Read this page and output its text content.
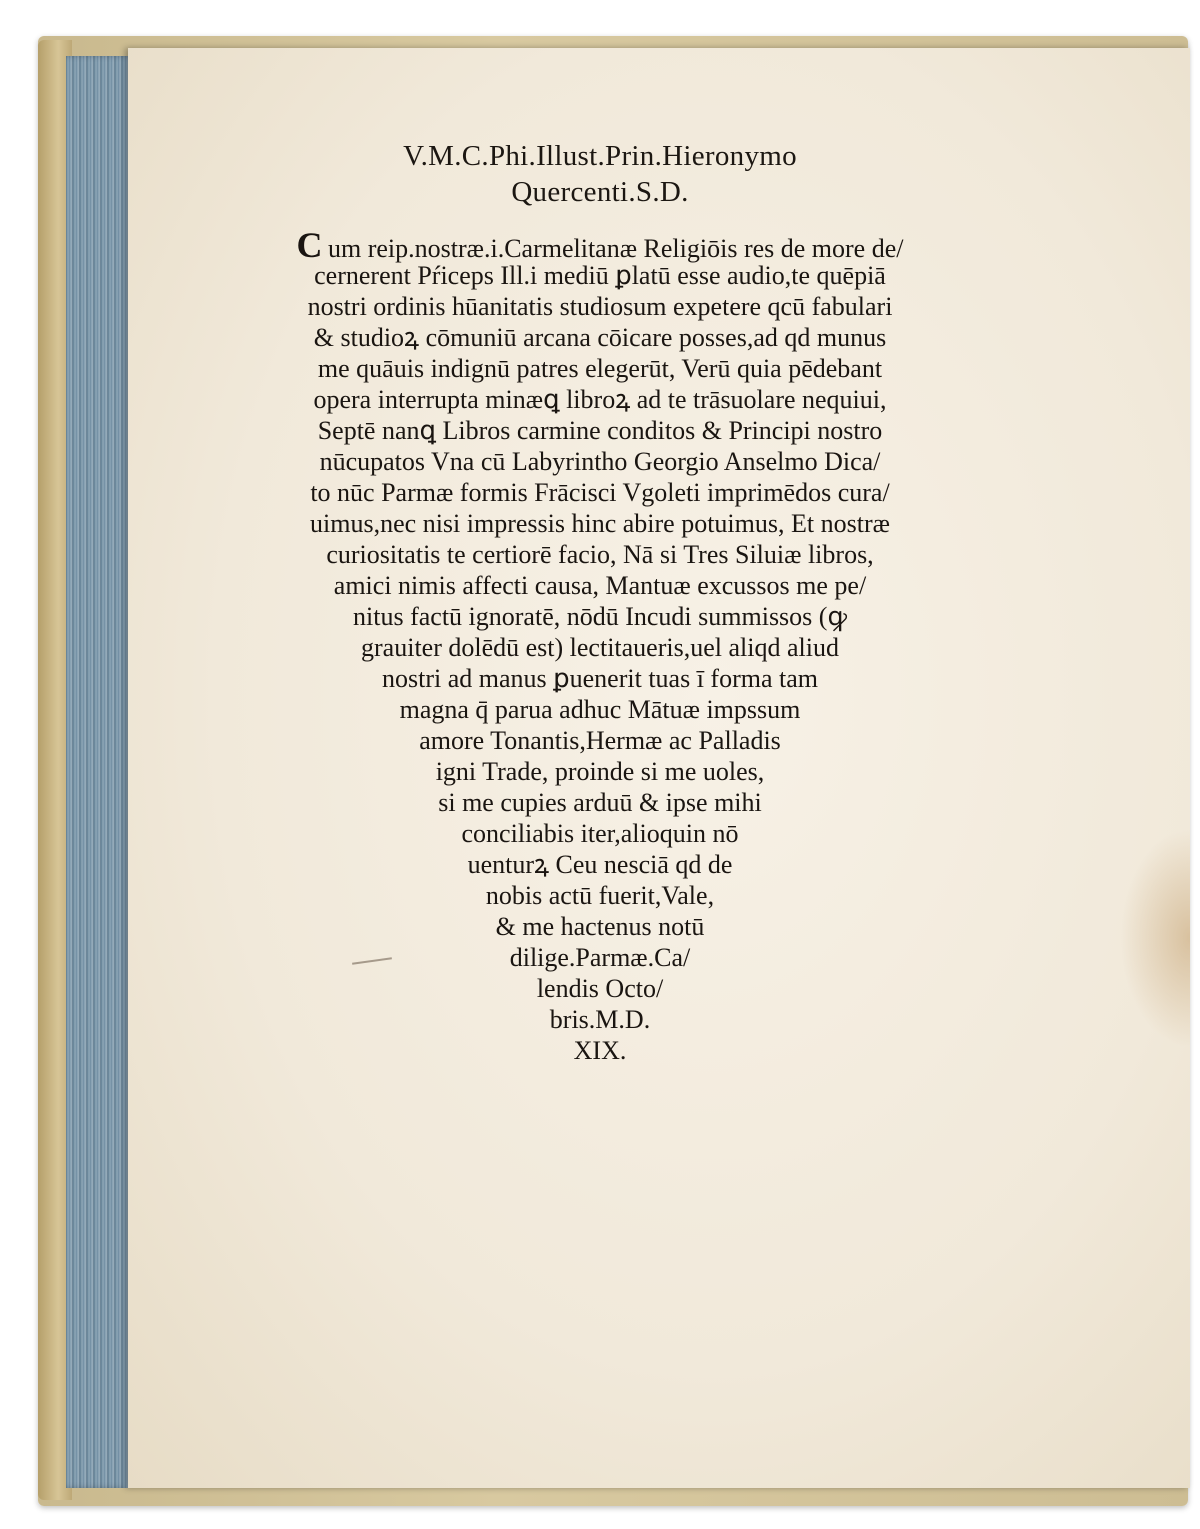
V.M.C.Phi.Illust.Prin.Hieronymo
Quercenti.S.D.
C um reip.nostræ.i.Carmelitanæ Religiōis res de more de/
cernerent Pŕiceps Ill.i mediū ꝑlatū esse audio,te quēpiā
nostri ordinis hūanitatis studiosum expetere qcū fabulari
& studioꝝ cōmuniū arcana cōicare posses,ad qd munus
me quāuis indignū patres elegerūt, Verū quia pēdebant
opera interrupta minæꝗ libroꝝ ad te trāsuolare nequiui,
Septē nanꝗ Libros carmine conditos & Principi nostro
nūcupatos Vna cū Labyrintho Georgio Anselmo Dica/
to nūc Parmæ formis Frācisci Vgoleti imprimēdos cura/
uimus,nec nisi impressis hinc abire potuimus, Et nostræ
curiositatis te certiorē facio, Nā si Tres Siluiæ libros,
amici nimis affecti causa, Mantuæ excussos me pe/
nitus factū ignoratē, nōdū Incudi summissos (ꝙ
grauiter dolēdū est) lectitaueris,uel aliqd aliud
nostri ad manus ꝑuenerit tuas ī forma tam
magna q̄ parua adhuc Mātuæ impssum
amore Tonantis,Hermæ ac Palladis
igni Trade, proinde si me uoles,
si me cupies arduū & ipse mihi
conciliabis iter,alioquin nō
uenturꝝ Ceu nesciā qd de
nobis actū fuerit,Vale,
& me hactenus notū
dilige.Parmæ.Ca/
lendis Octo/
bris.M.D.
XIX.
